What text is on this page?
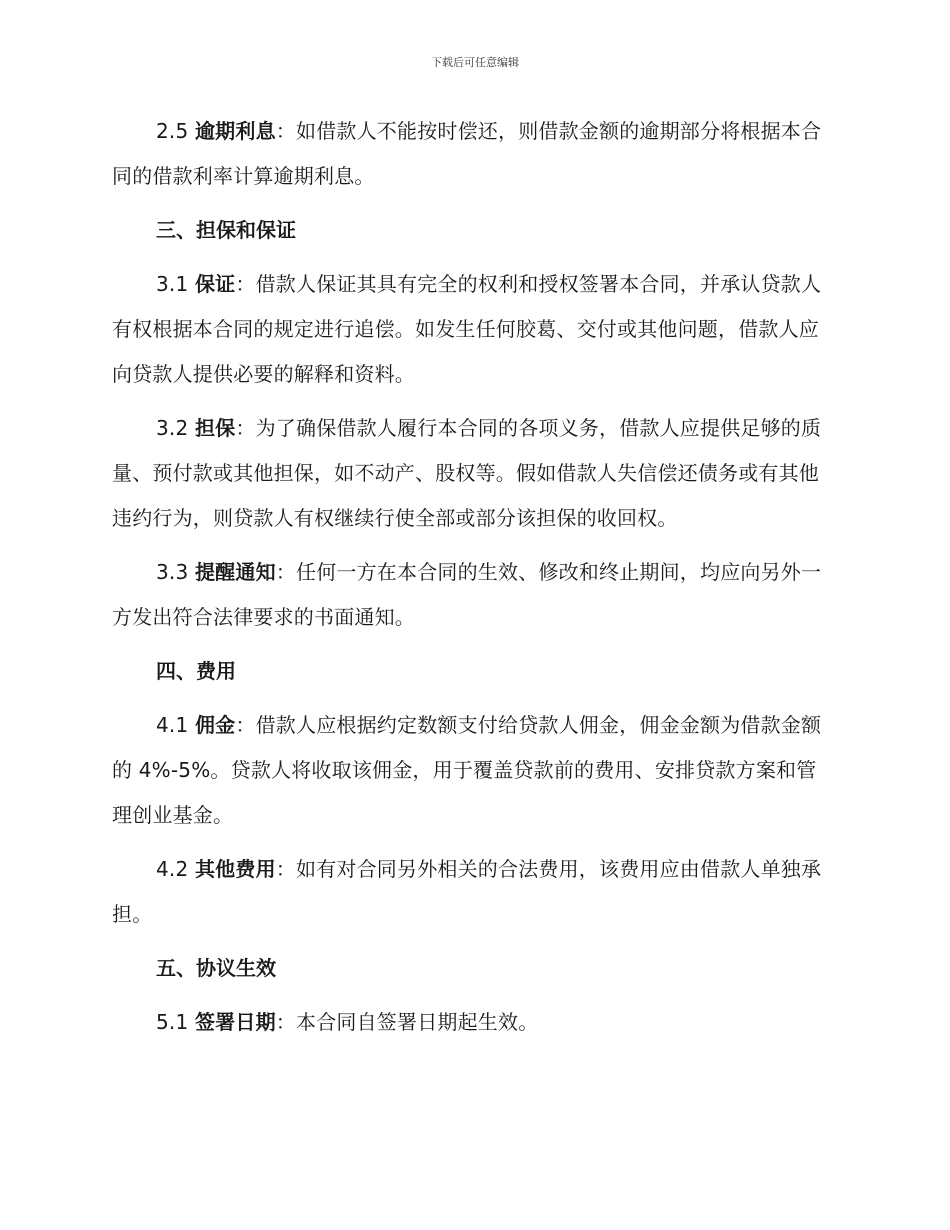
下载后可任意编辑

2.5 逾期利息：如借款人不能按时偿还，则借款金额的逾期部分将根据本合同的借款利率计算逾期利息。

三、担保和保证

3.1 保证：借款人保证其具有完全的权利和授权签署本合同，并承认贷款人有权根据本合同的规定进行追偿。如发生任何胶葛、交付或其他问题，借款人应向贷款人提供必要的解释和资料。

3.2 担保：为了确保借款人履行本合同的各项义务，借款人应提供足够的质量、预付款或其他担保，如不动产、股权等。假如借款人失信偿还债务或有其他违约行为，则贷款人有权继续行使全部或部分该担保的收回权。

3.3 提醒通知：任何一方在本合同的生效、修改和终止期间，均应向另外一方发出符合法律要求的书面通知。

四、费用

4.1 佣金：借款人应根据约定数额支付给贷款人佣金，佣金金额为借款金额的 4%-5%。贷款人将收取该佣金，用于覆盖贷款前的费用、安排贷款方案和管理创业基金。

4.2 其他费用：如有对合同另外相关的合法费用，该费用应由借款人单独承担。

五、协议生效

5.1 签署日期：本合同自签署日期起生效。
